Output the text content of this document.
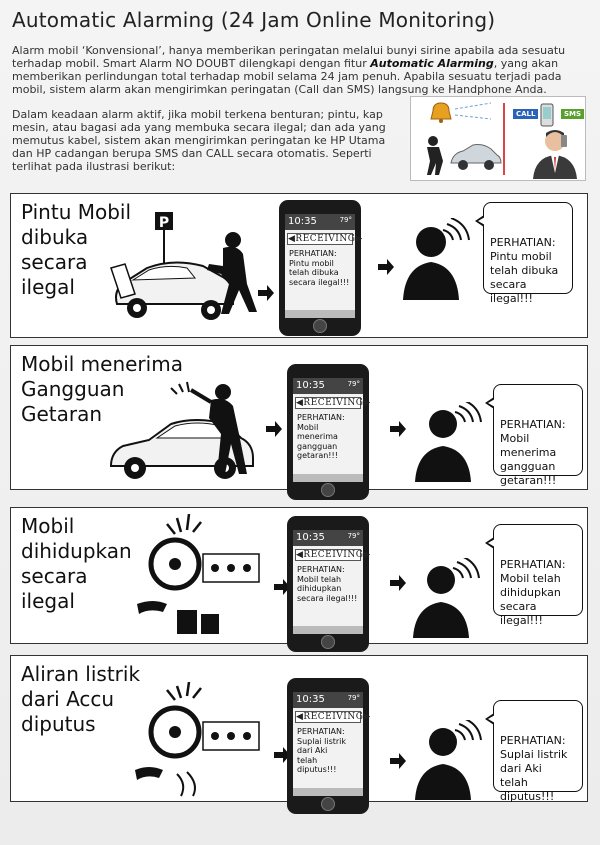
Automatic Alarming (24 Jam Online Monitoring)

Alarm mobil ‘Konvensional’, hanya memberikan peringatan melalui bunyi sirine apabila ada sesuatu terhadap mobil. Smart Alarm NO DOUBT dilengkapi dengan fitur Automatic Alarming, yang akan memberikan perlindungan total terhadap mobil selama 24 jam penuh. Apabila sesuatu terjadi pada mobil, sistem alarm akan mengirimkan peringatan (Call dan SMS) langsung ke Handphone Anda.

Dalam keadaan alarm aktif, jika mobil terkena benturan; pintu, kap mesin, atau bagasi ada yang membuka secara ilegal; dan ada yang memutus kabel, sistem akan mengirimkan peringatan ke HP Utama dan HP cadangan berupa SMS dan CALL secara otomatis. Seperti terlihat pada ilustrasi berikut:

CALL	SMS
Pintu Mobil
dibuka
secara
ilegal
P	10:35	79°
◀RECEIVING▶
PERHATIAN:
Pintu mobil
telah dibuka
secara ilegal!!!

PERHATIAN:
Pintu mobil
telah dibuka
secara
ilegal!!!

Mobil menerima
Gangguan
Getaran
10:35	79°
◀RECEIVING▶
PERHATIAN:
Mobil menerima
gangguan
getaran!!!

PERHATIAN:
Mobil
menerima
gangguan
getaran!!!

Mobil
dihidupkan
secara
ilegal
10:35	79°
◀RECEIVING▶
PERHATIAN:
Mobil telah
dihidupkan
secara ilegal!!!

PERHATIAN:
Mobil telah
dihidupkan
secara
ilegal!!!

Aliran listrik
dari Accu
diputus
10:35	79°
◀RECEIVING▶
PERHATIAN:
Suplai listrik
dari Aki
telah diputus!!!

PERHATIAN:
Suplai listrik
dari Aki
telah
diputus!!!
